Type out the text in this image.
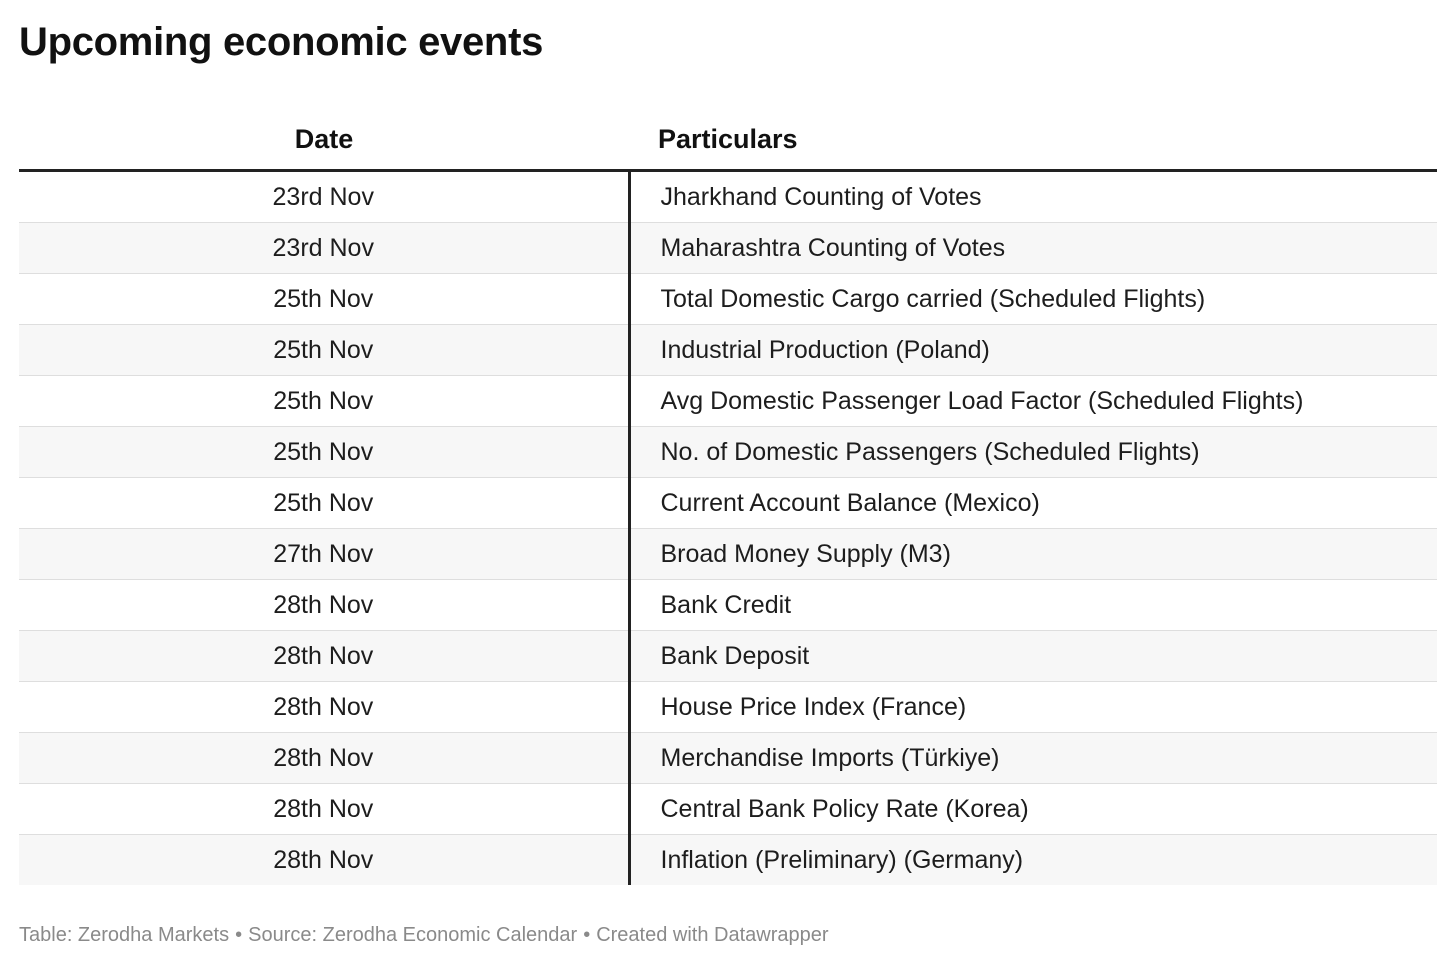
Upcoming economic events
Date	Particulars
23rd Nov	Jharkhand Counting of Votes
23rd Nov	Maharashtra Counting of Votes
25th Nov	Total Domestic Cargo carried (Scheduled Flights)
25th Nov	Industrial Production (Poland)
25th Nov	Avg Domestic Passenger Load Factor (Scheduled Flights)
25th Nov	No. of Domestic Passengers (Scheduled Flights)
25th Nov	Current Account Balance (Mexico)
27th Nov	Broad Money Supply (M3)
28th Nov	Bank Credit
28th Nov	Bank Deposit
28th Nov	House Price Index (France)
28th Nov	Merchandise Imports (Türkiye)
28th Nov	Central Bank Policy Rate (Korea)
28th Nov	Inflation (Preliminary) (Germany)
Table: Zerodha Markets • Source: Zerodha Economic Calendar • Created with Datawrapper
